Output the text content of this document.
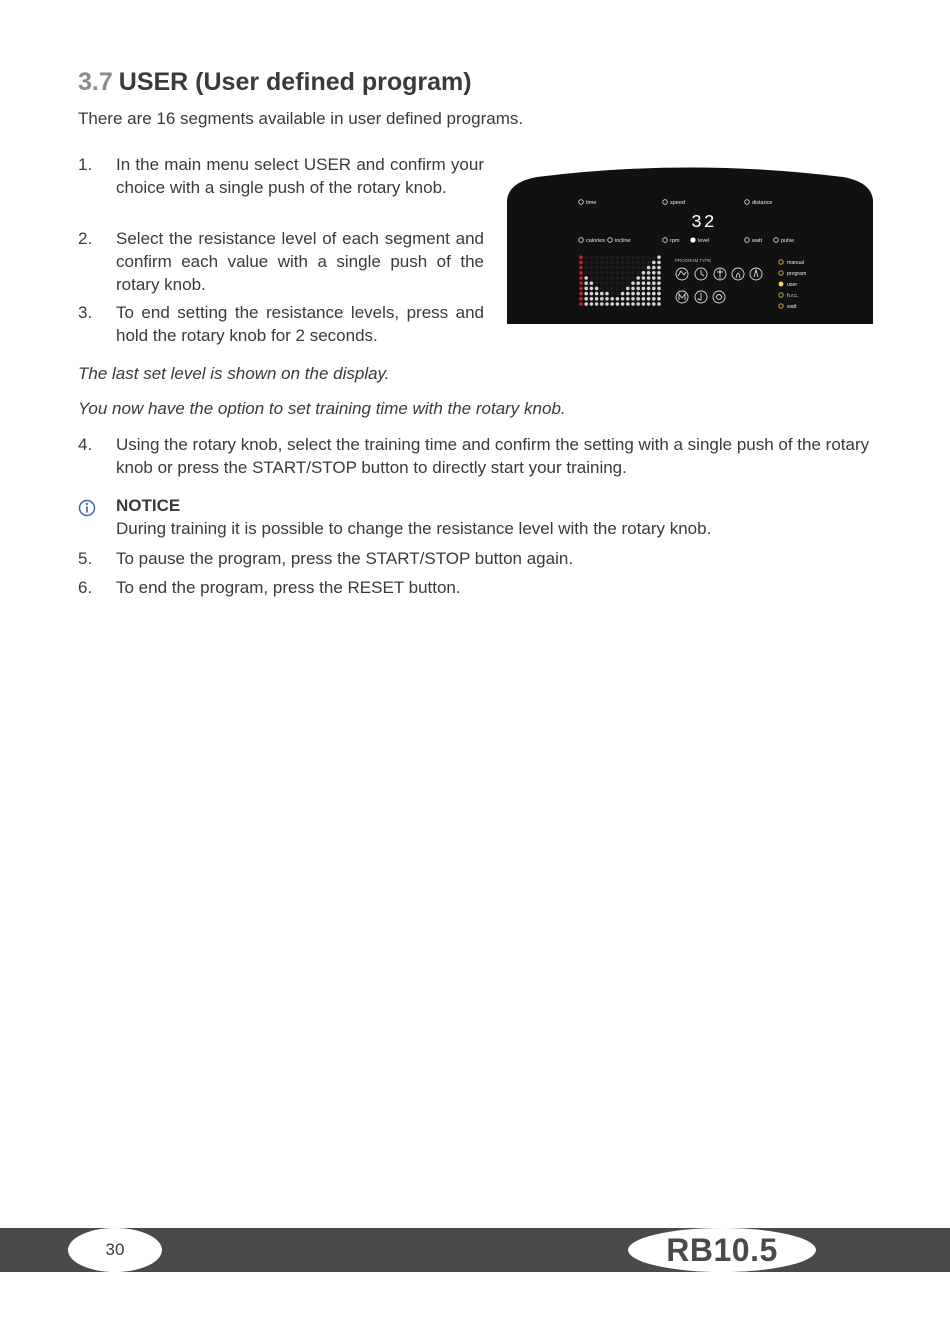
3.7 USER (User defined program)

There are 16 segments available in user defined programs.

1. In the main menu select USER and confirm your choice with a single push of the rotary knob.
2. Select the resistance level of each segment and confirm each value with a single push of the rotary knob.
3. To end setting the resistance levels, press and hold the rotary knob for 2 seconds.

The last set level is shown on the display.

You now have the option to set training time with the rotary knob.

4. Using the rotary knob, select the training time and confirm the setting with a single push of the rotary knob or press the START/STOP button to directly start your training.
NOTICE
During training it is possible to change the resistance level with the rotary knob.
5. To pause the program, press the START/STOP button again.
6. To end the program, press the RESET button.
time	speed	distance
calories incline	rpm	level	watt	pulse
PROGRAM TYPE
32
manual
program
user
h.r.c.
watt
30	RB10.5
